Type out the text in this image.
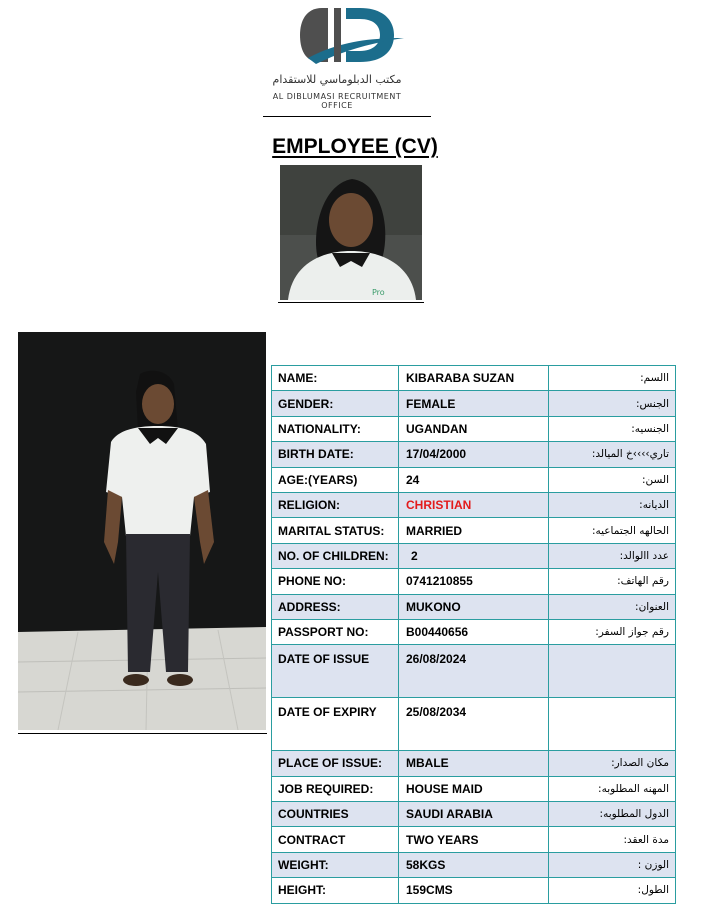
مكتب الدبلوماسي للاستقدام
AL DIBLUMASI RECRUITMENT OFFICE
EMPLOYEE (CV)
Pro
NAME:	KIBARABA SUZAN	االسم:
GENDER:	FEMALE	الجنس:
NATIONALITY:	UGANDAN	الجنسيه:
BIRTH DATE:	17/04/2000	تاري››››خ الميالد:
AGE:(YEARS)	24	السن:
RELIGION:	CHRISTIAN	الديانه:
MARITAL STATUS:	MARRIED	الحالهه الجتماعيه:
NO. OF CHILDREN:	2	عدد االوالد:
PHONE NO:	0741210855	رقم الهاتف:
ADDRESS:	MUKONO	العنوان:
PASSPORT NO:	B00440656	رقم جواز السفر:
DATE OF ISSUE	26/08/2024	
DATE OF EXPIRY	25/08/2034	
PLACE OF ISSUE:	MBALE	مكان الصدار:
JOB REQUIRED:	HOUSE MAID	المهنه المطلوبه:
COUNTRIES	SAUDI ARABIA	الدول المطلوبه:
CONTRACT	TWO YEARS	مدة العقد:
WEIGHT:	58KGS	الوزن :
HEIGHT:	159CMS	الطول:
